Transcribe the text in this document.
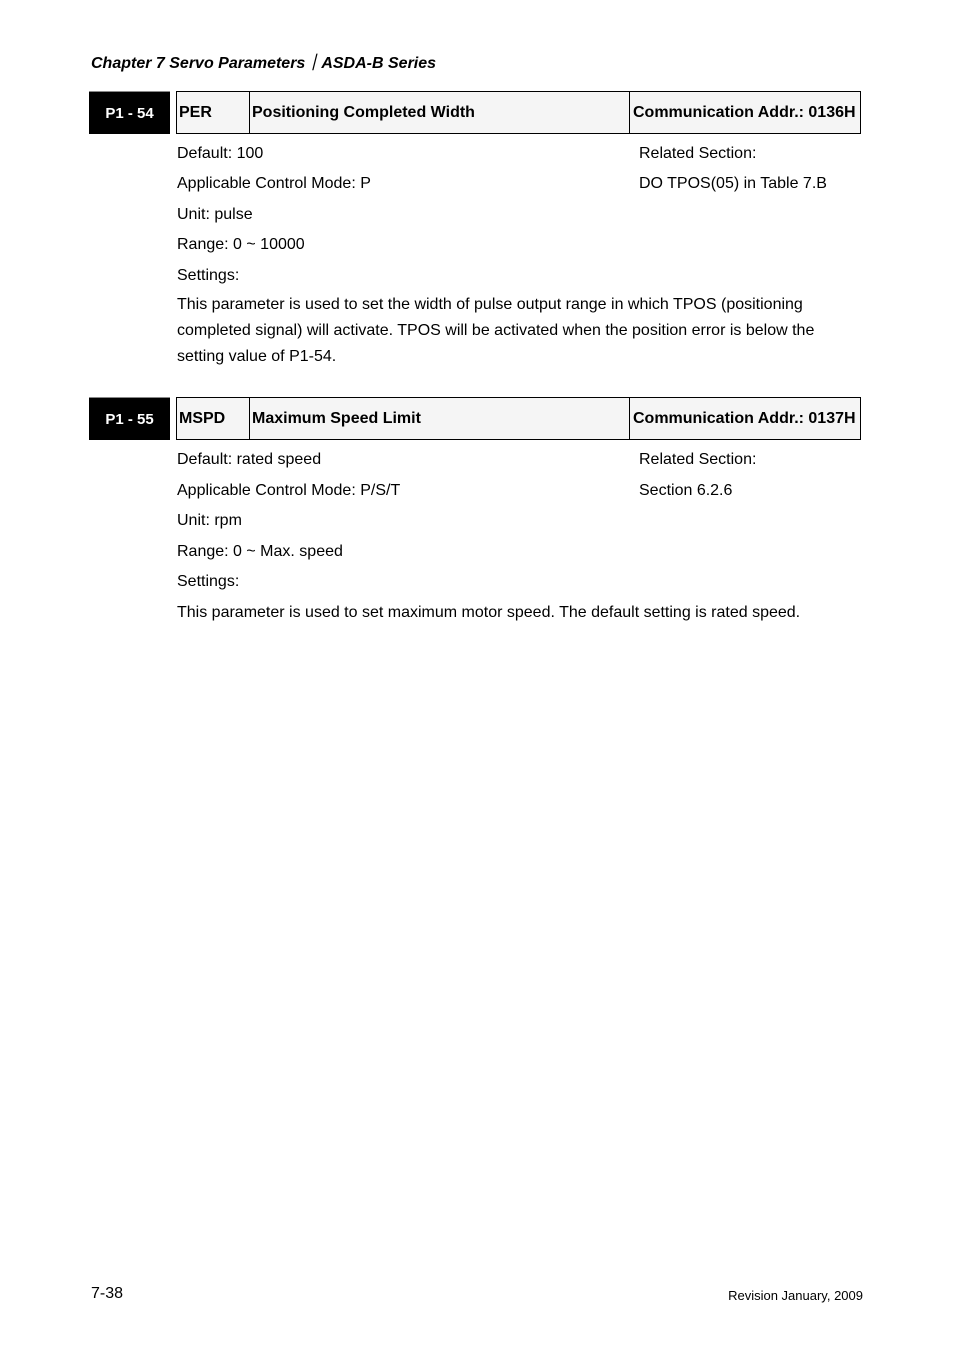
Chapter 7 Servo Parameters｜ASDA-B Series
P1 - 54	PER	Positioning Completed Width	Communication Addr.: 0136H
Default: 100	Related Section:
Applicable Control Mode: P	DO TPOS(05) in Table 7.B
Unit: pulse
Range: 0 ~ 10000
Settings:
This parameter is used to set the width of pulse output range in which TPOS (positioning completed signal) will activate. TPOS will be activated when the position error is below the setting value of P1-54.
P1 - 55	MSPD	Maximum Speed Limit	Communication Addr.: 0137H
Default: rated speed	Related Section:
Applicable Control Mode: P/S/T	Section 6.2.6
Unit: rpm
Range: 0 ~ Max. speed
Settings:
This parameter is used to set maximum motor speed. The default setting is rated speed.
7-38	Revision January, 2009
